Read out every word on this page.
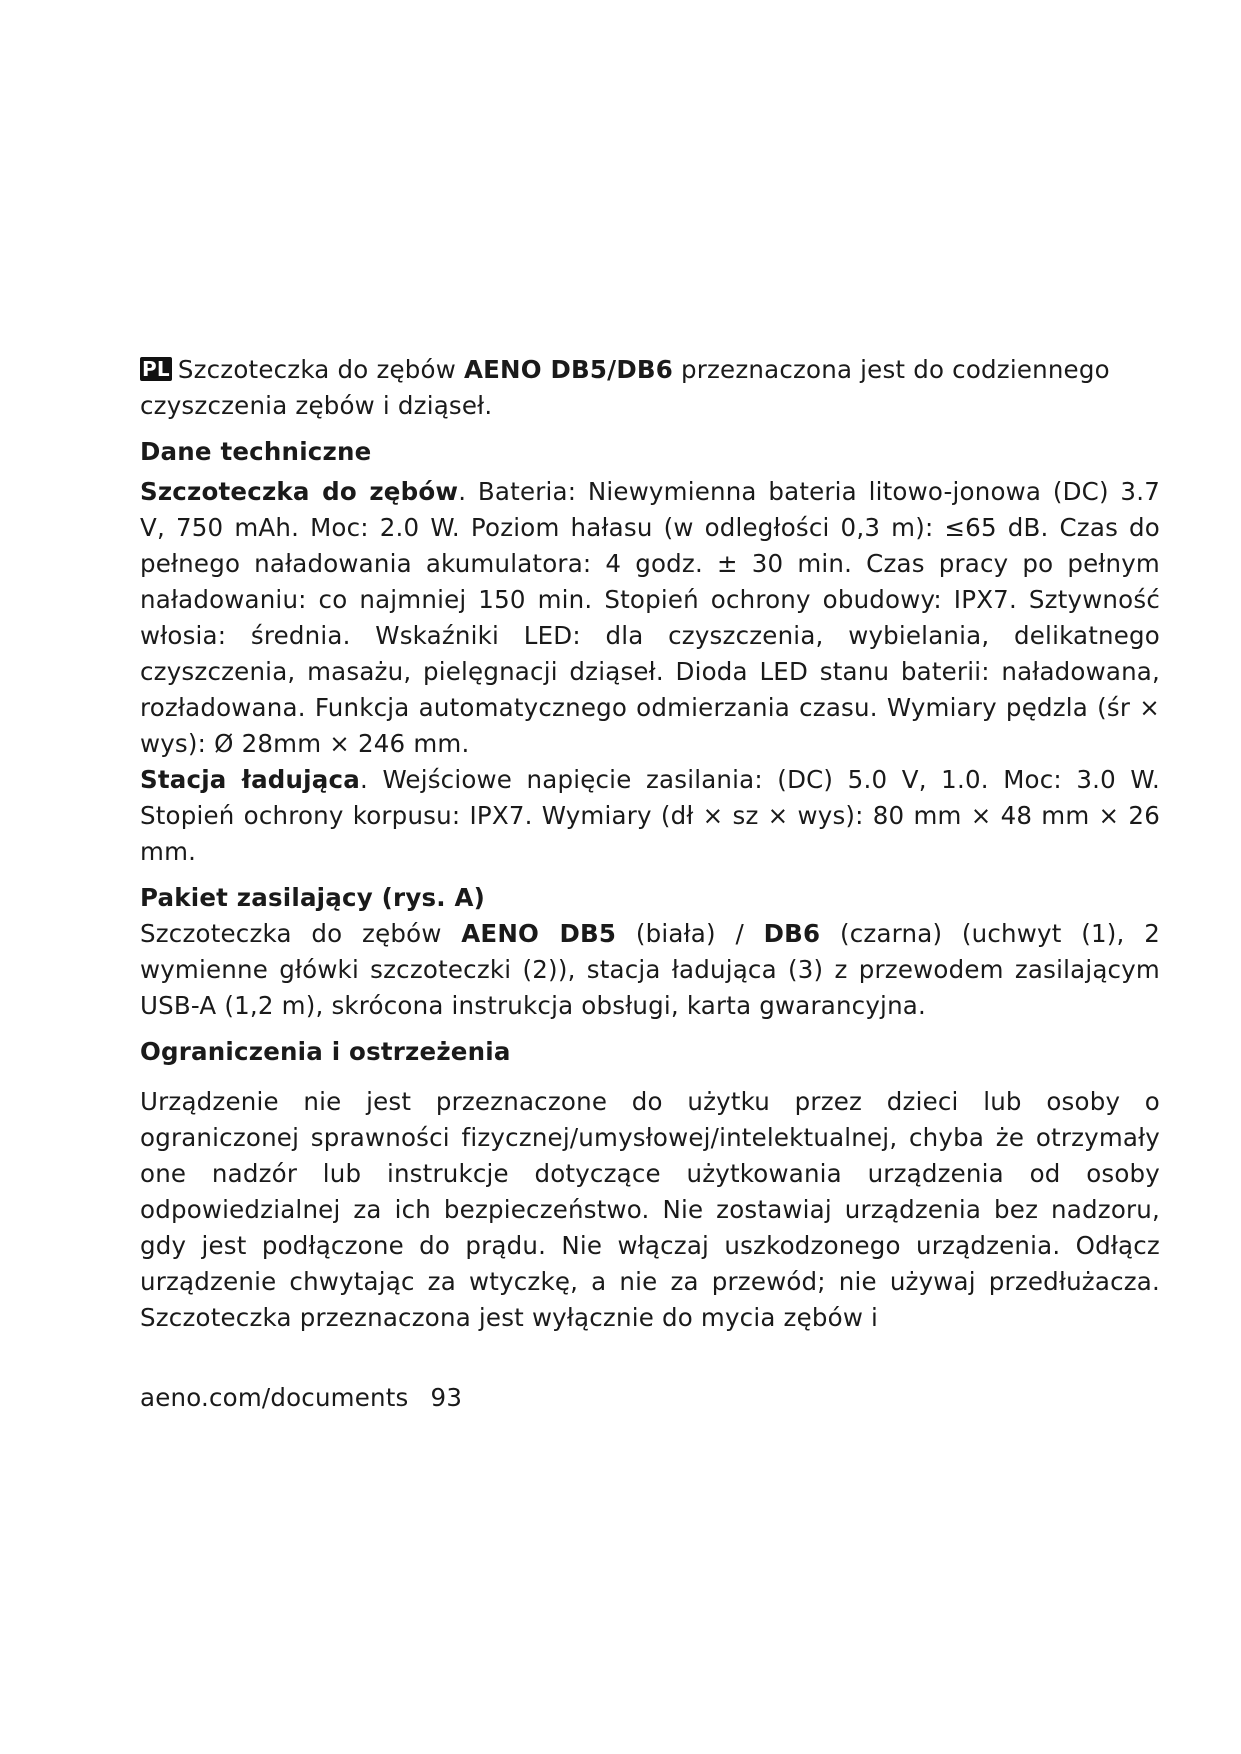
PL Szczoteczka do zębów AENO DB5/DB6 przeznaczona jest do codziennego czyszczenia zębów i dziąseł.

Dane techniczne

Szczoteczka do zębów. Bateria: Niewymienna bateria litowo-jonowa (DC) 3.7 V, 750 mAh. Moc: 2.0 W. Poziom hałasu (w odległości 0,3 m): ≤65 dB. Czas do pełnego naładowania akumulatora: 4 godz. ± 30 min. Czas pracy po pełnym naładowaniu: co najmniej 150 min. Stopień ochrony obudowy: IPX7. Sztywność włosia: średnia. Wskaźniki LED: dla czyszczenia, wybielania, delikatnego czyszczenia, masażu, pielęgnacji dziąseł. Dioda LED stanu baterii: naładowana, rozładowana. Funkcja automatycznego odmierzania czasu. Wymiary pędzla (śr × wys): Ø 28mm × 246 mm.

Stacja ładująca. Wejściowe napięcie zasilania: (DC) 5.0 V, 1.0. Moc: 3.0 W. Stopień ochrony korpusu: IPX7. Wymiary (dł × sz × wys): 80 mm × 48 mm × 26 mm.

Pakiet zasilający (rys. A)

Szczoteczka do zębów AENO DB5 (biała) / DB6 (czarna) (uchwyt (1), 2 wymienne główki szczoteczki (2)), stacja ładująca (3) z przewodem zasilającym USB-A (1,2 m), skrócona instrukcja obsługi, karta gwarancyjna.

Ograniczenia i ostrzeżenia

Urządzenie nie jest przeznaczone do użytku przez dzieci lub osoby o ograniczonej sprawności fizycznej/umysłowej/intelektualnej, chyba że otrzymały one nadzór lub instrukcje dotyczące użytkowania urządzenia od osoby odpowiedzialnej za ich bezpieczeństwo. Nie zostawiaj urządzenia bez nadzoru, gdy jest podłączone do prądu. Nie włączaj uszkodzonego urządzenia. Odłącz urządzenie chwytając za wtyczkę, a nie za przewód; nie używaj przedłużacza. Szczoteczka przeznaczona jest wyłącznie do mycia zębów i

aeno.com/documents 93
